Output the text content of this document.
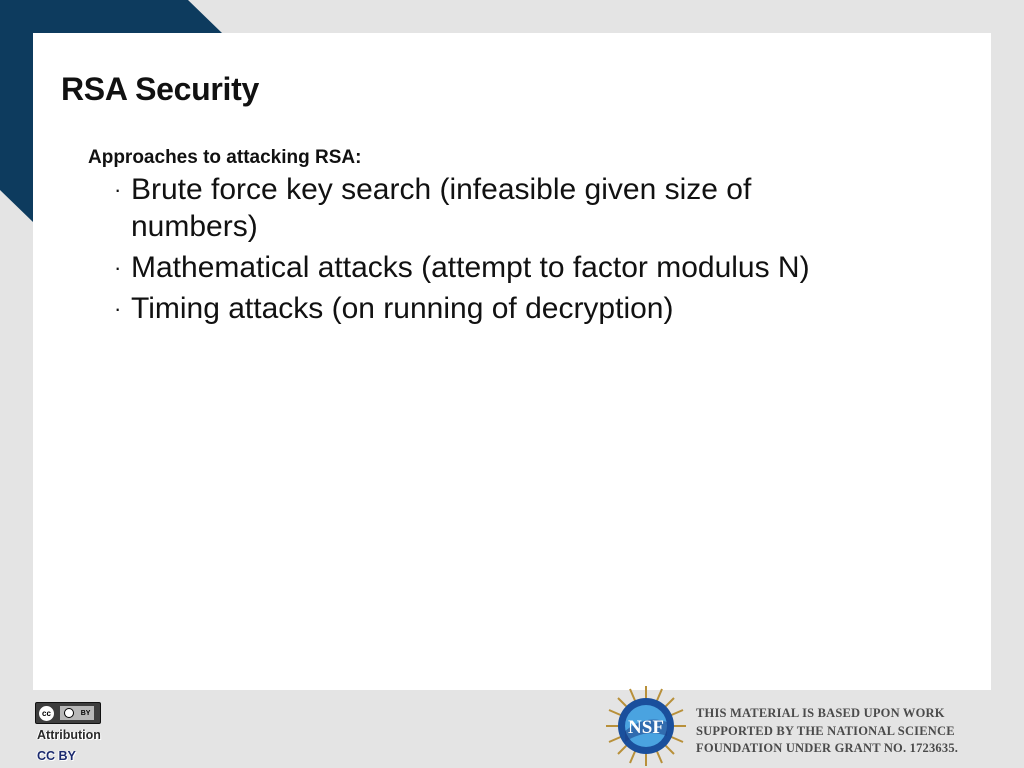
RSA Security

Approaches to attacking RSA:

· Brute force key search (infeasible given size of numbers)
· Mathematical attacks (attempt to factor modulus N)
· Timing attacks (on running of decryption)
cc	BY
Attribution
CC BY
NSF

THIS MATERIAL IS BASED UPON WORK
SUPPORTED BY THE NATIONAL SCIENCE
FOUNDATION UNDER GRANT NO. 1723635.
